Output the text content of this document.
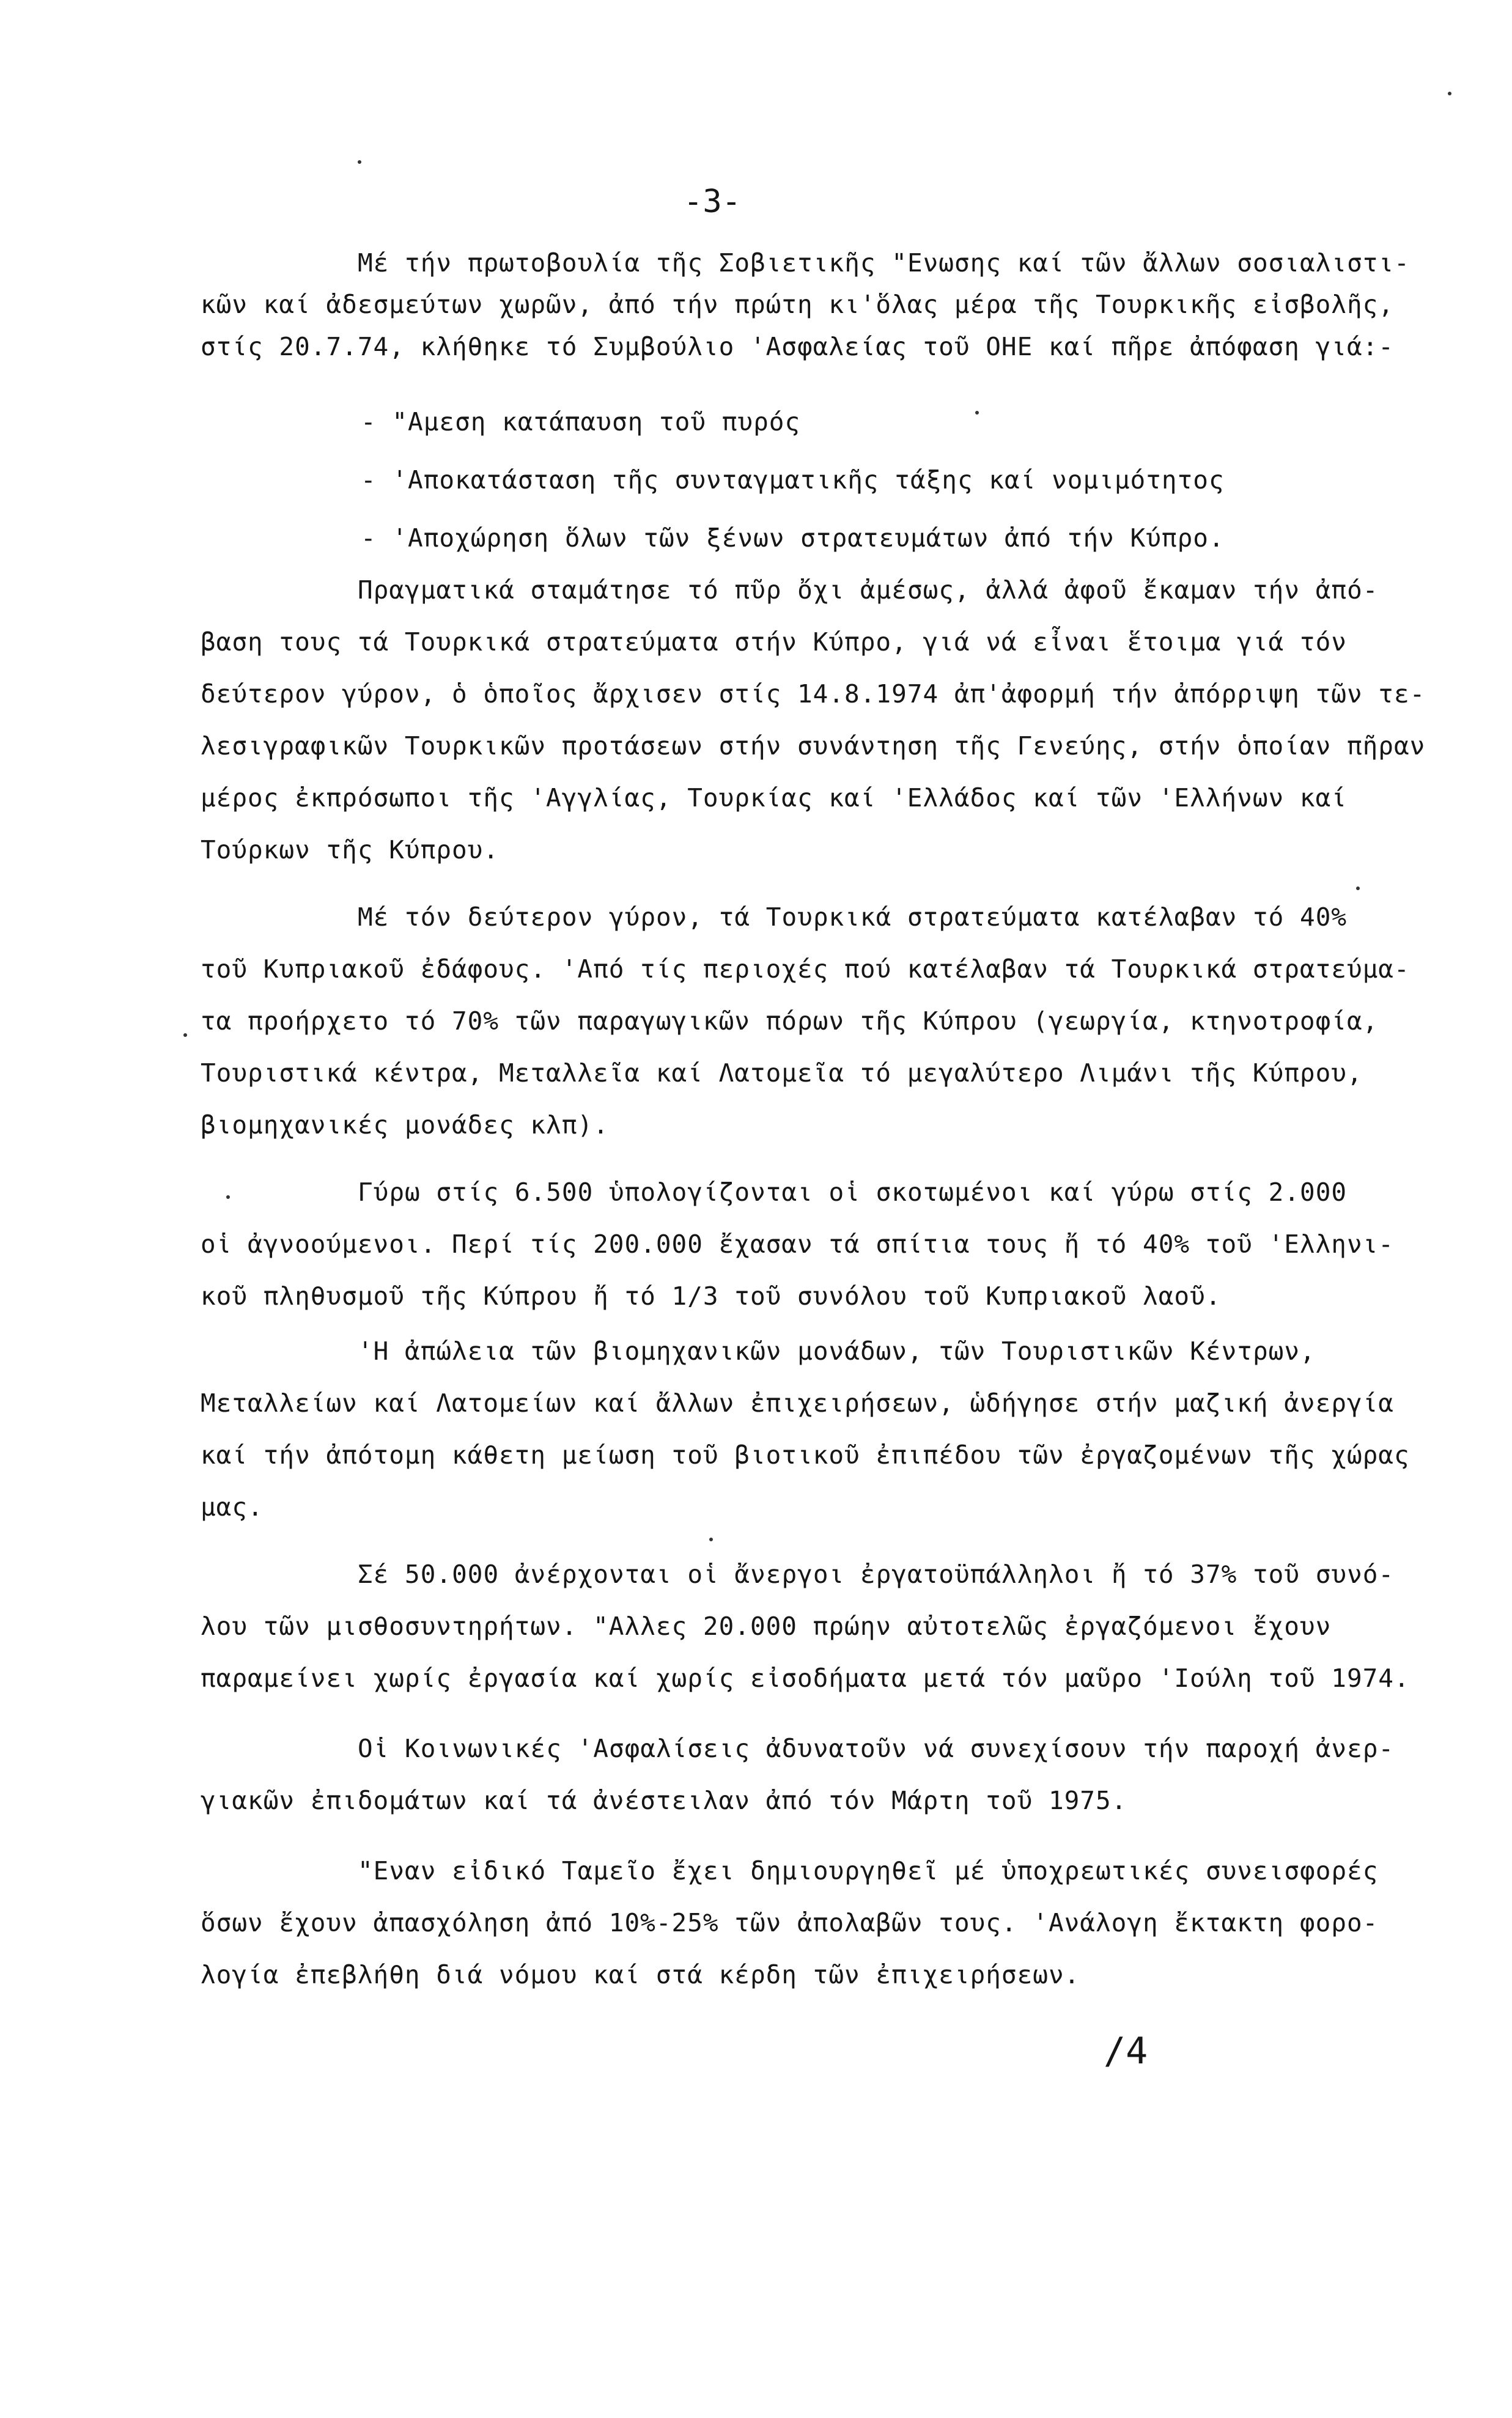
-3-
Μέ τήν πρωτοβουλία τῆς Σοβιετικῆς "Ενωσης καί τῶν ἄλλων σοσιαλιστι-
κῶν καί ἀδεσμεύτων χωρῶν, ἀπό τήν πρώτη κι'ὅλας μέρα τῆς Τουρκικῆς εἰσβολῆς,
στίς 20.7.74, κλήθηκε τό Συμβούλιο 'Ασφαλείας τοῦ ΟΗΕ καί πῆρε ἀπόφαση γιά:-
- "Αμεση κατάπαυση τοῦ πυρός
- 'Αποκατάσταση τῆς συνταγματικῆς τάξης καί νομιμότητος
- 'Αποχώρηση ὅλων τῶν ξένων στρατευμάτων ἀπό τήν Κύπρο.
Πραγματικά σταμάτησε τό πῦρ ὄχι ἀμέσως, ἀλλά ἀφοῦ ἔκαμαν τήν ἀπό-
βαση τους τά Τουρκικά στρατεύματα στήν Κύπρο, γιά νά εἶναι ἕτοιμα γιά τόν
δεύτερον γύρον, ὁ ὁποῖος ἄρχισεν στίς 14.8.1974 ἀπ'ἀφορμή τήν ἀπόρριψη τῶν τε-
λεσιγραφικῶν Τουρκικῶν προτάσεων στήν συνάντηση τῆς Γενεύης, στήν ὁποίαν πῆραν
μέρος ἐκπρόσωποι τῆς 'Αγγλίας, Τουρκίας καί 'Ελλάδος καί τῶν 'Ελλήνων καί
Τούρκων τῆς Κύπρου.
Μέ τόν δεύτερον γύρον, τά Τουρκικά στρατεύματα κατέλαβαν τό 40%
τοῦ Κυπριακοῦ ἐδάφους. 'Από τίς περιοχές πού κατέλαβαν τά Τουρκικά στρατεύμα-
τα προήρχετο τό 70% τῶν παραγωγικῶν πόρων τῆς Κύπρου (γεωργία, κτηνοτροφία,
Τουριστικά κέντρα, Μεταλλεῖα καί Λατομεῖα τό μεγαλύτερο Λιμάνι τῆς Κύπρου,
βιομηχανικές μονάδες κλπ).
Γύρω στίς 6.500 ὑπολογίζονται οἱ σκοτωμένοι καί γύρω στίς 2.000
οἱ ἀγνοούμενοι. Περί τίς 200.000 ἔχασαν τά σπίτια τους ἤ τό 40% τοῦ 'Ελληνι-
κοῦ πληθυσμοῦ τῆς Κύπρου ἤ τό 1/3 τοῦ συνόλου τοῦ Κυπριακοῦ λαοῦ.
'Η ἀπώλεια τῶν βιομηχανικῶν μονάδων, τῶν Τουριστικῶν Κέντρων,
Μεταλλείων καί Λατομείων καί ἄλλων ἐπιχειρήσεων, ὡδήγησε στήν μαζική ἀνεργία
καί τήν ἀπότομη κάθετη μείωση τοῦ βιοτικοῦ ἐπιπέδου τῶν ἐργαζομένων τῆς χώρας
μας.
Σέ 50.000 ἀνέρχονται οἱ ἄνεργοι ἐργατοϋπάλληλοι ἤ τό 37% τοῦ συνό-
λου τῶν μισθοσυντηρήτων. "Αλλες 20.000 πρώην αὐτοτελῶς ἐργαζόμενοι ἔχουν
παραμείνει χωρίς ἐργασία καί χωρίς εἰσοδήματα μετά τόν μαῦρο 'Ιούλη τοῦ 1974.
Οἱ Κοινωνικές 'Ασφαλίσεις ἀδυνατοῦν νά συνεχίσουν τήν παροχή ἀνερ-
γιακῶν ἐπιδομάτων καί τά ἀνέστειλαν ἀπό τόν Μάρτη τοῦ 1975.
"Εναν εἰδικό Ταμεῖο ἔχει δημιουργηθεῖ μέ ὑποχρεωτικές συνεισφορές
ὅσων ἔχουν ἀπασχόληση ἀπό 10%-25% τῶν ἀπολαβῶν τους. 'Ανάλογη ἔκτακτη φορο-
λογία ἐπεβλήθη διά νόμου καί στά κέρδη τῶν ἐπιχειρήσεων.
/4
